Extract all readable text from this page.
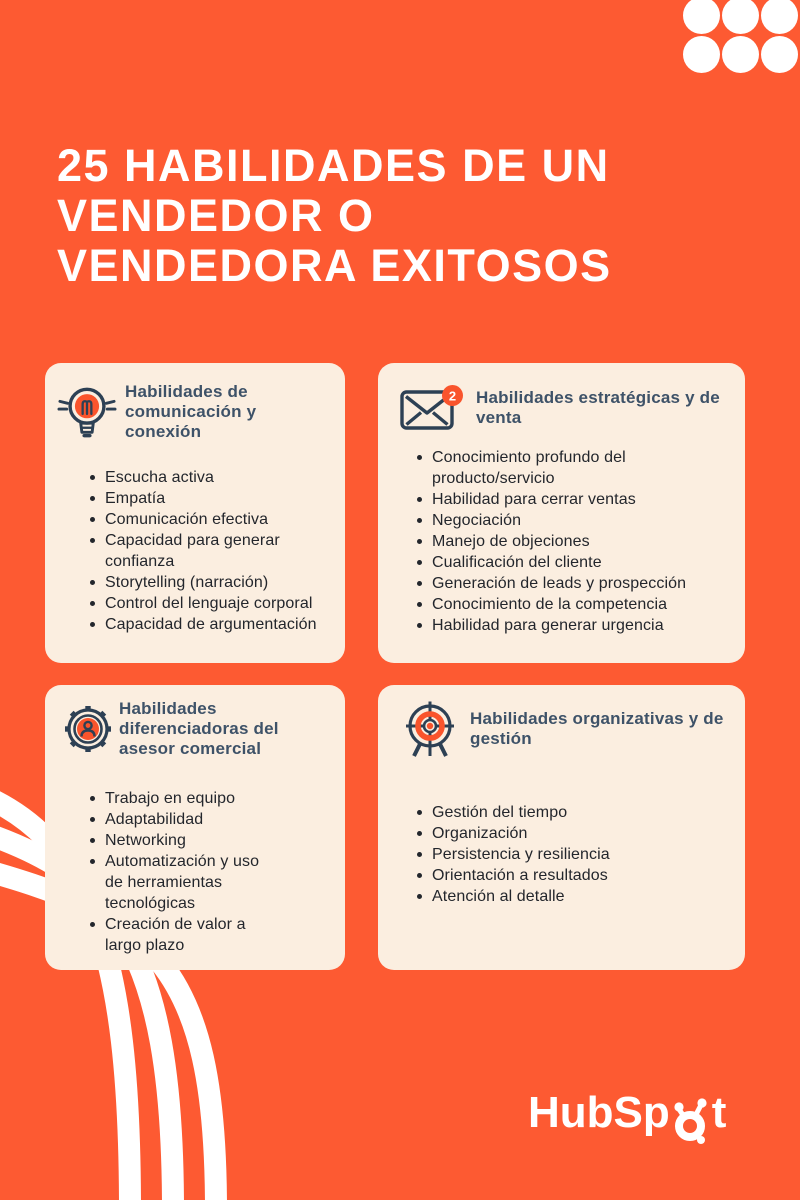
25 HABILIDADES DE UN
VENDEDOR O
VENDEDORA EXITOSOS
Habilidades de comunicación y conexión
Escucha activa
Empatía
Comunicación efectiva
Capacidad para generar confianza
Storytelling (narración)
Control del lenguaje corporal
Capacidad de argumentación
2 Habilidades estratégicas y de venta
Conocimiento profundo del producto/servicio
Habilidad para cerrar ventas
Negociación
Manejo de objeciones
Cualificación del cliente
Generación de leads y prospección
Conocimiento de la competencia
Habilidad para generar urgencia
Habilidades diferenciadoras del asesor comercial
Trabajo en equipo
Adaptabilidad
Networking
Automatización y uso de herramientas tecnológicas
Creación de valor a largo plazo
Habilidades organizativas y de gestión
Gestión del tiempo
Organización
Persistencia y resiliencia
Orientación a resultados
Atención al detalle
HubSp t
